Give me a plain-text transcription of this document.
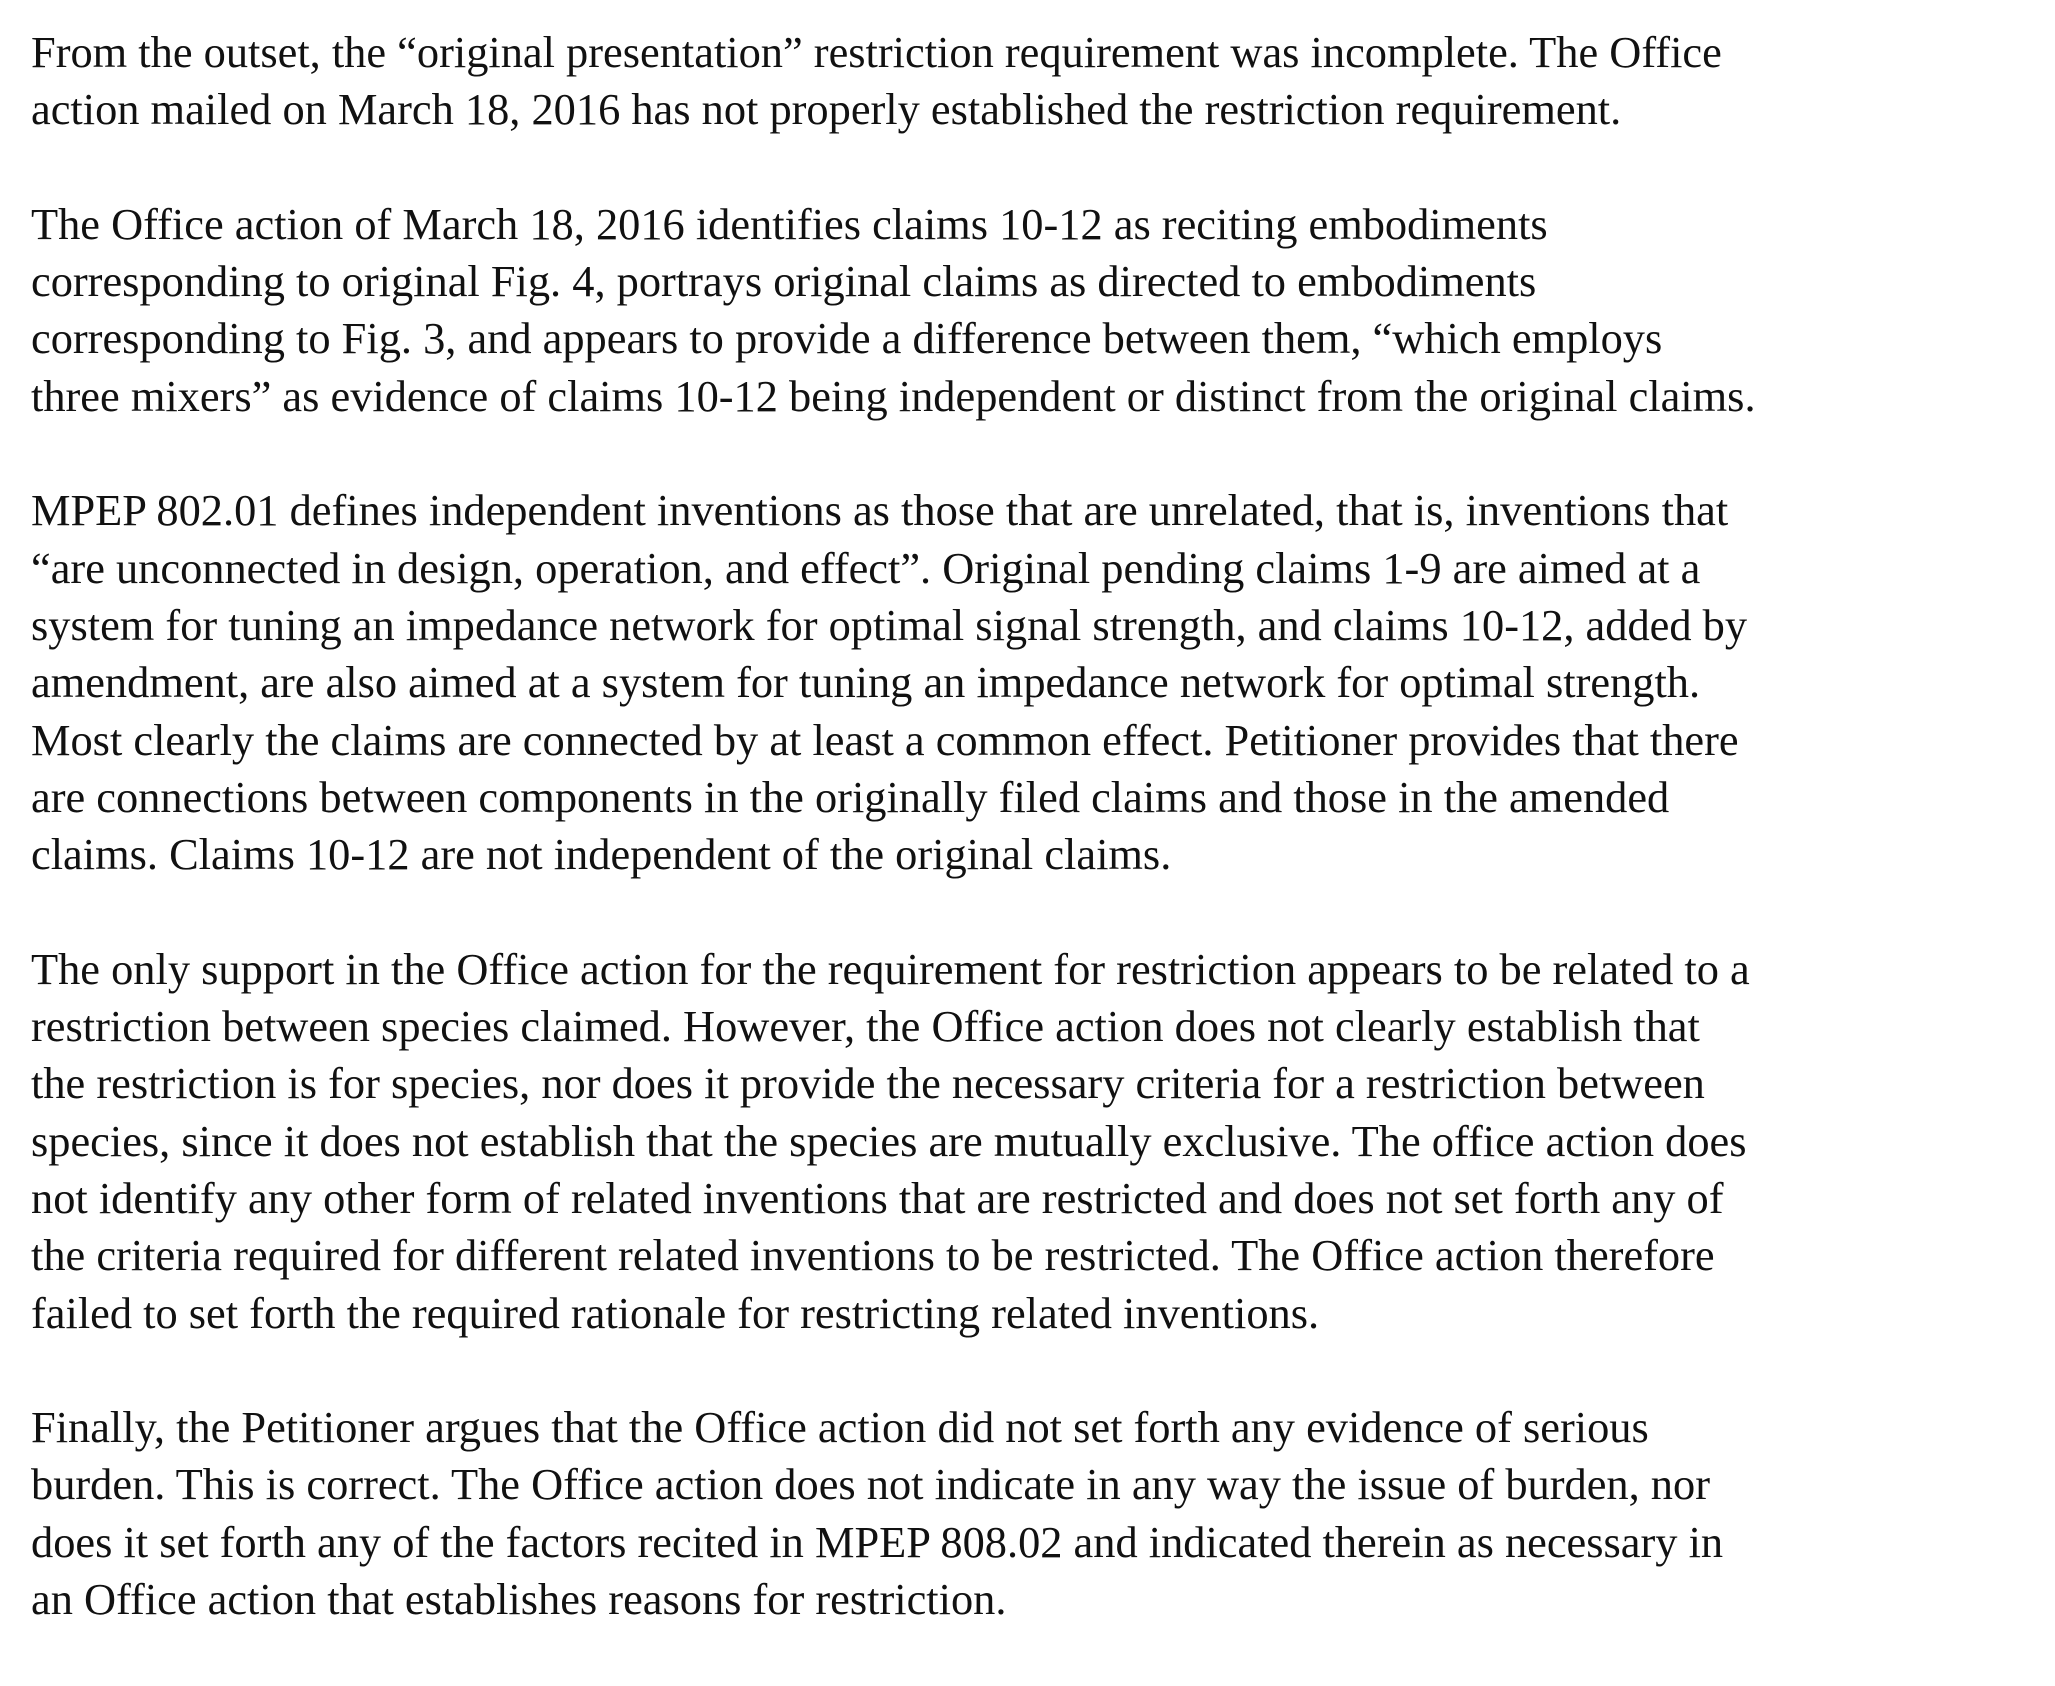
From the outset, the “original presentation” restriction requirement was incomplete. The Office
action mailed on March 18, 2016 has not properly established the restriction requirement.

The Office action of March 18, 2016 identifies claims 10-12 as reciting embodiments
corresponding to original Fig. 4, portrays original claims as directed to embodiments
corresponding to Fig. 3, and appears to provide a difference between them, “which employs
three mixers” as evidence of claims 10-12 being independent or distinct from the original claims.

MPEP 802.01 defines independent inventions as those that are unrelated, that is, inventions that
“are unconnected in design, operation, and effect”. Original pending claims 1-9 are aimed at a
system for tuning an impedance network for optimal signal strength, and claims 10-12, added by
amendment, are also aimed at a system for tuning an impedance network for optimal strength.
Most clearly the claims are connected by at least a common effect. Petitioner provides that there
are connections between components in the originally filed claims and those in the amended
claims. Claims 10-12 are not independent of the original claims.

The only support in the Office action for the requirement for restriction appears to be related to a
restriction between species claimed. However, the Office action does not clearly establish that
the restriction is for species, nor does it provide the necessary criteria for a restriction between
species, since it does not establish that the species are mutually exclusive. The office action does
not identify any other form of related inventions that are restricted and does not set forth any of
the criteria required for different related inventions to be restricted. The Office action therefore
failed to set forth the required rationale for restricting related inventions.

Finally, the Petitioner argues that the Office action did not set forth any evidence of serious
burden. This is correct. The Office action does not indicate in any way the issue of burden, nor
does it set forth any of the factors recited in MPEP 808.02 and indicated therein as necessary in
an Office action that establishes reasons for restriction.
